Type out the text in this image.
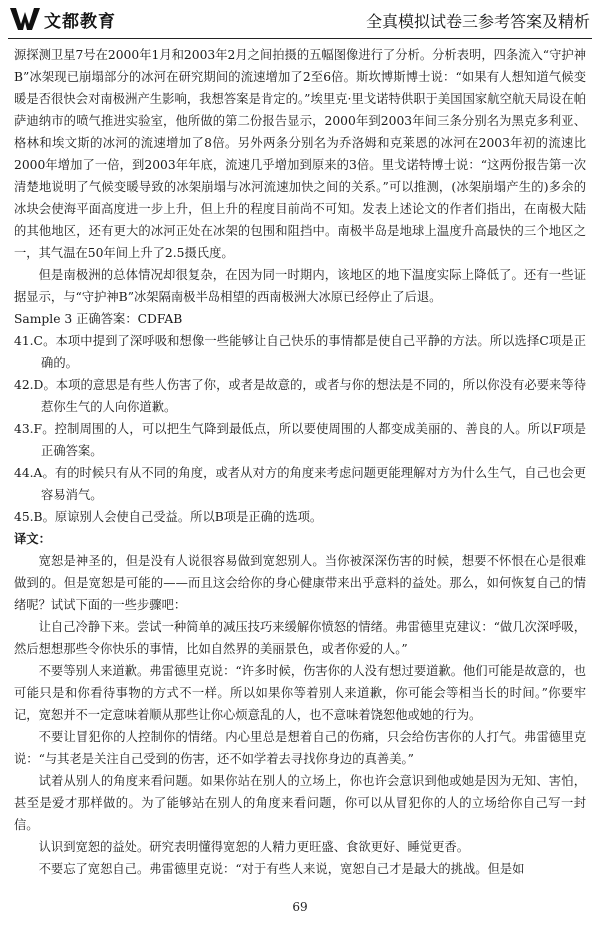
文都教育	全真模拟试卷三参考答案及精析

源探测卫星7号在2000年1月和2003年2月之间拍摄的五幅图像进行了分析。分析表明，四条流入“守护神B”冰架现已崩塌部分的冰河在研究期间的流速增加了2至6倍。斯坎博斯博士说：“如果有人想知道气候变暖是否很快会对南极洲产生影响，我想答案是肯定的。”埃里克·里戈诺特供职于美国国家航空航天局设在帕萨迪纳市的喷气推进实验室，他所做的第二份报告显示，2000年到2003年间三条分别名为黑克多利亚、格林和埃文斯的冰河的流速增加了8倍。另外两条分别名为乔洛姆和克莱恩的冰河在2003年初的流速比2000年增加了一倍，到2003年年底，流速几乎增加到原来的3倍。里戈诺特博士说：“这两份报告第一次清楚地说明了气候变暖导致的冰架崩塌与冰河流速加快之间的关系。”可以推测，(冰架崩塌产生的)多余的冰块会使海平面高度进一步上升，但上升的程度目前尚不可知。发表上述论文的作者们指出，在南极大陆的其他地区，还有更大的冰河正处在冰架的包围和阻挡中。南极半岛是地球上温度升高最快的三个地区之一，其气温在50年间上升了2.5摄氏度。

但是南极洲的总体情况却很复杂，在因为同一时期内，该地区的地下温度实际上降低了。还有一些证据显示，与“守护神B”冰架隔南极半岛相望的西南极洲大冰原已经停止了后退。

Sample 3 正确答案：CDFAB

41.C。本项中提到了深呼吸和想像一些能够让自己快乐的事情都是使自己平静的方法。所以选择C项是正确的。

42.D。本项的意思是有些人伤害了你，或者是故意的，或者与你的想法是不同的，所以你没有必要来等待惹你生气的人向你道歉。

43.F。控制周围的人，可以把生气降到最低点，所以要使周围的人都变成美丽的、善良的人。所以F项是正确答案。

44.A。有的时候只有从不同的角度，或者从对方的角度来考虑问题更能理解对方为什么生气，自己也会更容易消气。

45.B。原谅别人会使自己受益。所以B项是正确的选项。

译文：

宽恕是神圣的，但是没有人说很容易做到宽恕别人。当你被深深伤害的时候，想要不怀恨在心是很难做到的。但是宽恕是可能的——而且这会给你的身心健康带来出乎意料的益处。那么，如何恢复自己的情绪呢？试试下面的一些步骤吧：

让自己冷静下来。尝试一种简单的减压技巧来缓解你愤怒的情绪。弗雷德里克建议：“做几次深呼吸，然后想想那些令你快乐的事情，比如自然界的美丽景色，或者你爱的人。”

不要等别人来道歉。弗雷德里克说：“许多时候，伤害你的人没有想过要道歉。他们可能是故意的，也可能只是和你看待事物的方式不一样。所以如果你等着别人来道歉，你可能会等相当长的时间。”你要牢记，宽恕并不一定意味着顺从那些让你心烦意乱的人，也不意味着饶恕他或她的行为。

不要让冒犯你的人控制你的情绪。内心里总是想着自己的伤痛，只会给伤害你的人打气。弗雷德里克说：“与其老是关注自己受到的伤害，还不如学着去寻找你身边的真善美。”

试着从别人的角度来看问题。如果你站在别人的立场上，你也许会意识到他或她是因为无知、害怕，甚至是爱才那样做的。为了能够站在别人的角度来看问题，你可以从冒犯你的人的立场给你自己写一封信。

认识到宽恕的益处。研究表明懂得宽恕的人精力更旺盛、食欲更好、睡觉更香。

不要忘了宽恕自己。弗雷德里克说：“对于有些人来说，宽恕自己才是最大的挑战。但是如

69
